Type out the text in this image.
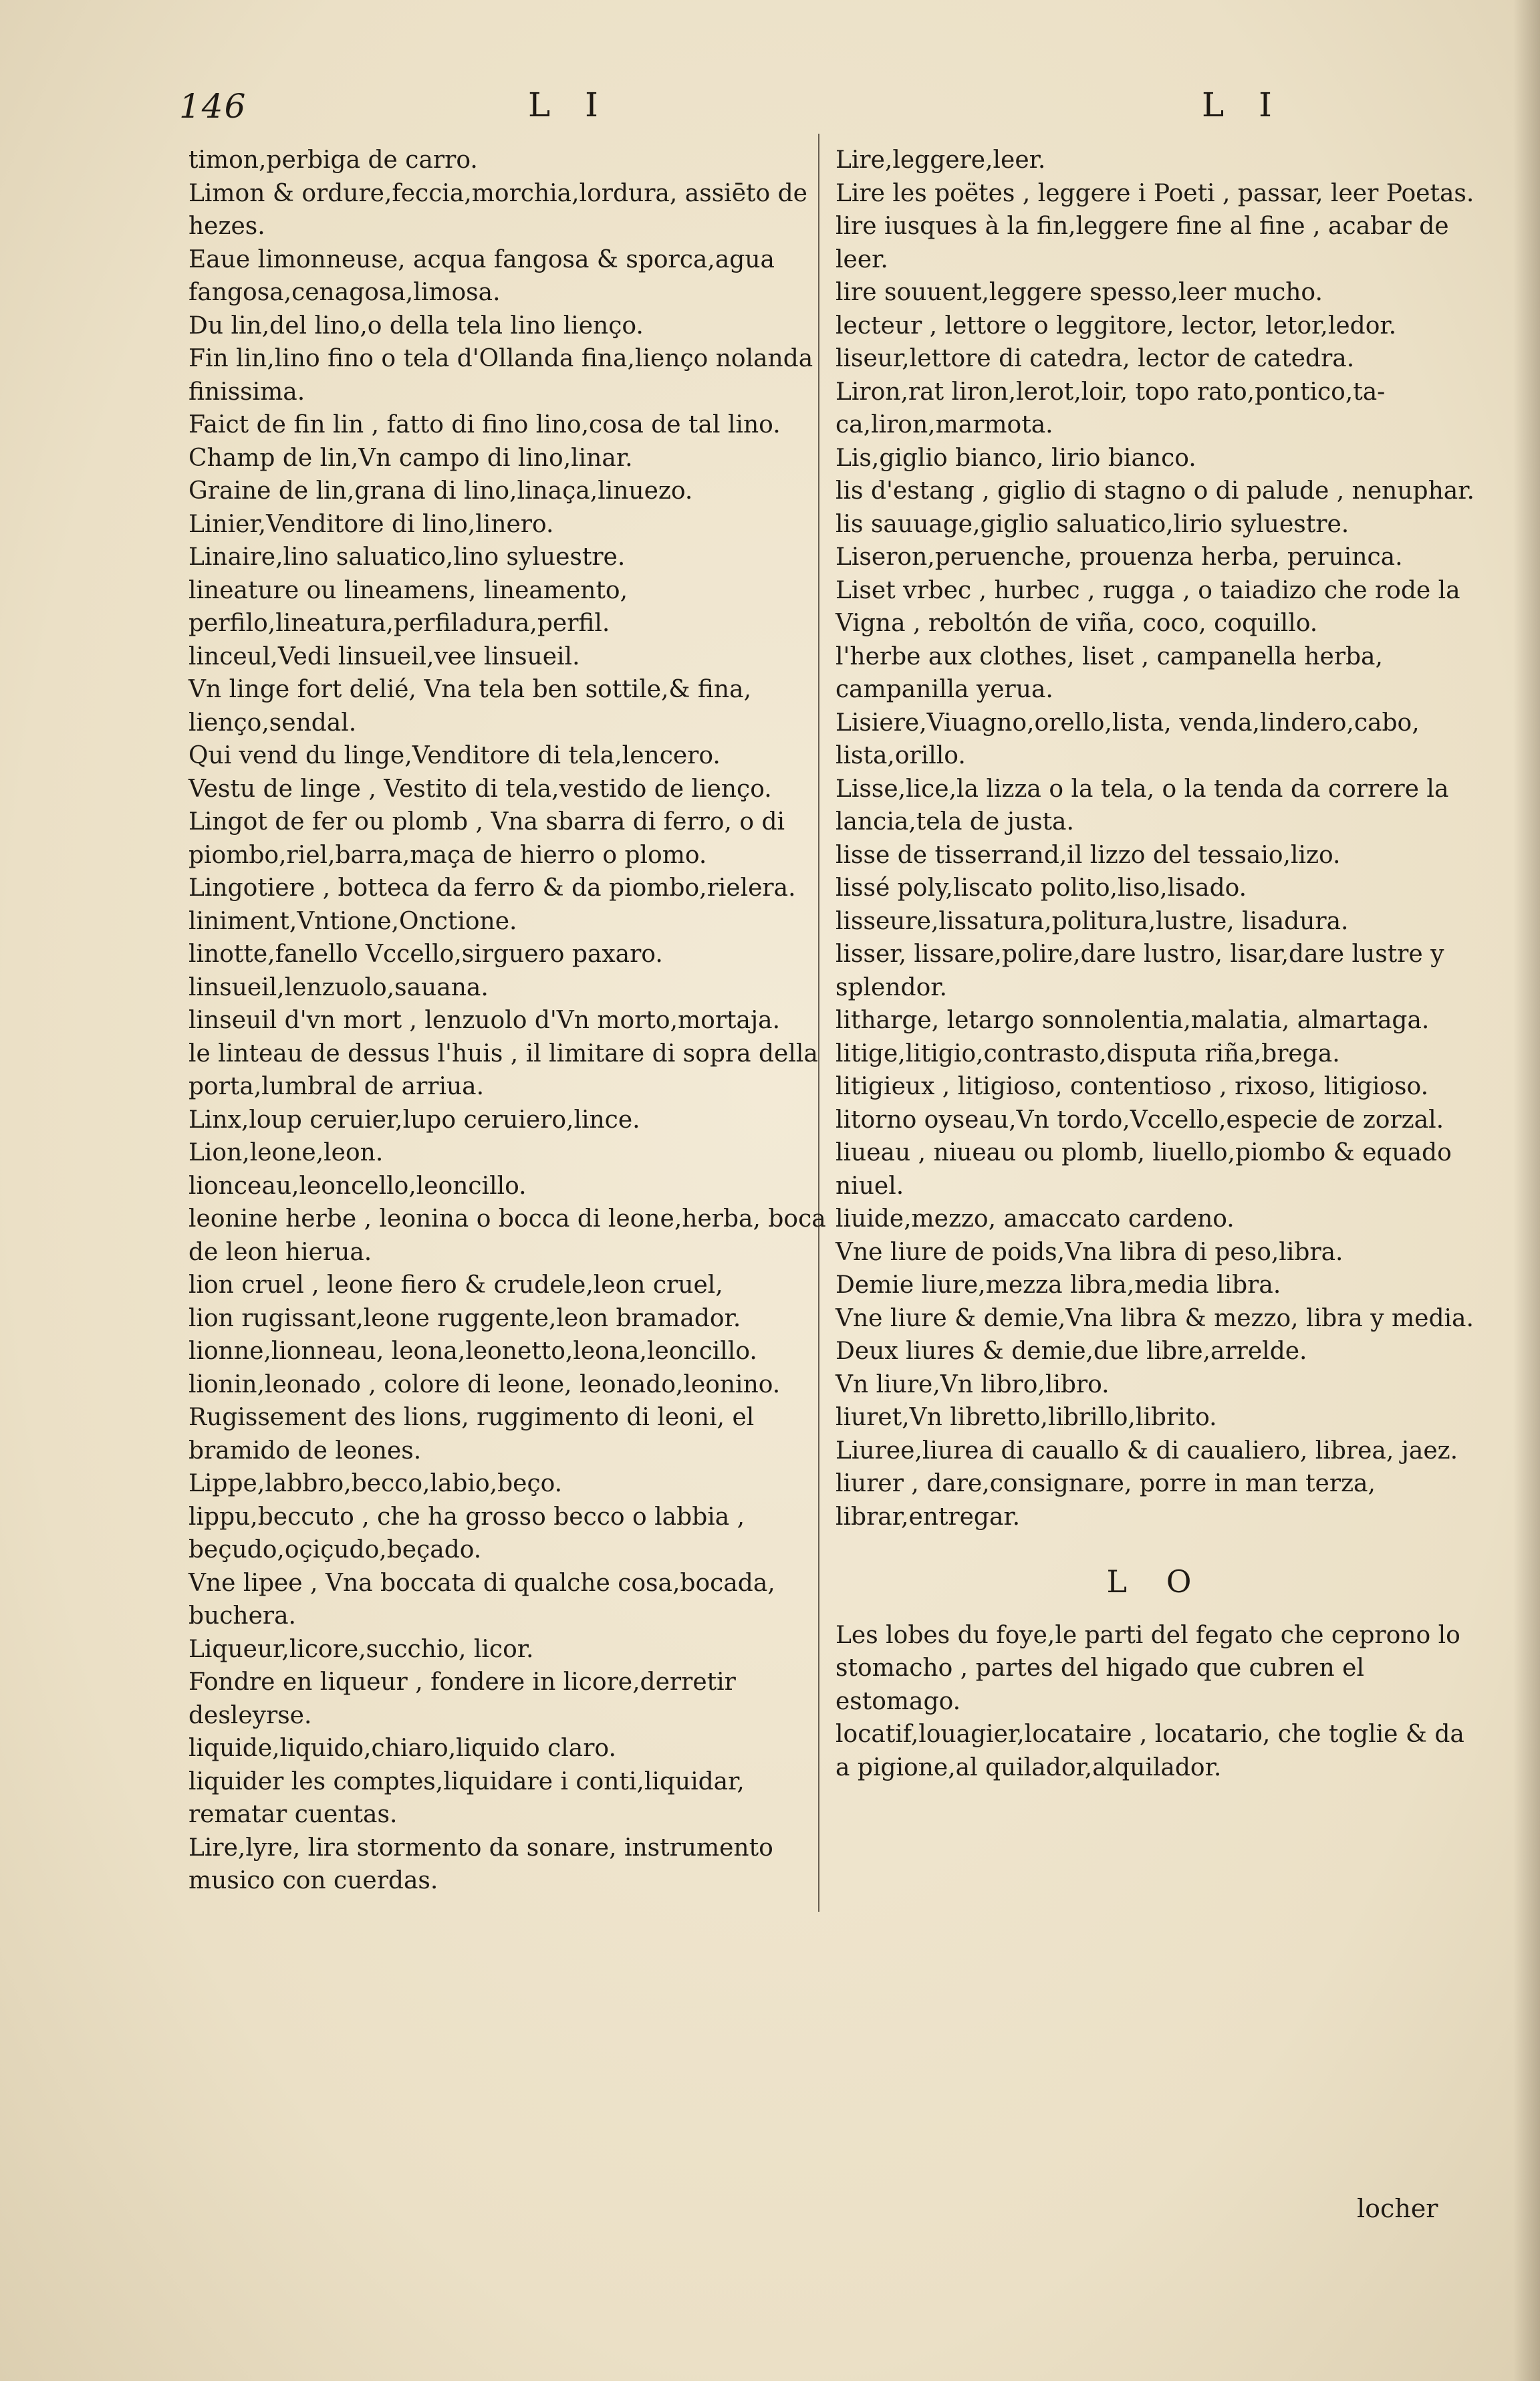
146	L I	L I

timon,perbiga de carro.

Limon & ordure,feccia,morchia,lordura, assiēto de hezes.

Eaue limonneuse, acqua fangosa & sporca,agua fangosa,cenagosa,limosa.

Du lin,del lino,o della tela lino lienço.

Fin lin,lino fino o tela d'Ollanda fina,lienço nolanda finissima.

Faict de fin lin , fatto di fino lino,cosa de tal lino.

Champ de lin,Vn campo di lino,linar.

Graine de lin,grana di lino,linaça,linuezo.

Linier,Venditore di lino,linero.

Linaire,lino saluatico,lino syluestre.

lineature ou lineamens, lineamento, perfilo,lineatura,perfiladura,perfil.

linceul,Vedi linsueil,vee linsueil.

Vn linge fort delié, Vna tela ben sottile,& fina, lienço,sendal.

Qui vend du linge,Venditore di tela,lencero.

Vestu de linge , Vestito di tela,vestido de lienço.

Lingot de fer ou plomb , Vna sbarra di ferro, o di piombo,riel,barra,maça de hierro o plomo.

Lingotiere , botteca da ferro & da piombo,rielera.

liniment,Vntione,Onctione.

linotte,fanello Vccello,sirguero paxaro.

linsueil,lenzuolo,sauana.

linseuil d'vn mort , lenzuolo d'Vn morto,mortaja.

le linteau de dessus l'huis , il limitare di sopra della porta,lumbral de arriua.

Linx,loup ceruier,lupo ceruiero,lince.

Lion,leone,leon.

lionceau,leoncello,leoncillo.

leonine herbe , leonina o bocca di leone,herba, boca de leon hierua.

lion cruel , leone fiero & crudele,leon cruel,

lion rugissant,leone ruggente,leon bramador.

lionne,lionneau, leona,leonetto,leona,leoncillo.

lionin,leonado , colore di leone, leonado,leonino.

Rugissement des lions, ruggimento di leoni, el bramido de leones.

Lippe,labbro,becco,labio,beço.

lippu,beccuto , che ha grosso becco o labbia , beçudo,oçiçudo,beçado.

Vne lipee , Vna boccata di qualche cosa,bocada, buchera.

Liqueur,licore,succhio, licor.

Fondre en liqueur , fondere in licore,derretir desleyrse.

liquide,liquido,chiaro,liquido claro.

liquider les comptes,liquidare i conti,liquidar, rematar cuentas.

Lire,lyre, lira stormento da sonare, instrumento musico con cuerdas.

Lire,leggere,leer.

Lire les poëtes , leggere i Poeti , passar, leer Poetas.

lire iusques à la fin,leggere fine al fine , acabar de leer.

lire souuent,leggere spesso,leer mucho.

lecteur , lettore o leggitore, lector, letor,ledor.

liseur,lettore di catedra, lector de catedra.

Liron,rat liron,lerot,loir, topo rato,pontico,ta-ca,liron,marmota.

Lis,giglio bianco, lirio bianco.

lis d'estang , giglio di stagno o di palude , nenuphar.

lis sauuage,giglio saluatico,lirio syluestre.

Liseron,peruenche, prouenza herba, peruinca.

Liset vrbec , hurbec , rugga , o taiadizo che rode la Vigna , reboltón de viña, coco, coquillo.

l'herbe aux clothes, liset , campanella herba, campanilla yerua.

Lisiere,Viuagno,orello,lista, venda,lindero,cabo, lista,orillo.

Lisse,lice,la lizza o la tela, o la tenda da correre la lancia,tela de justa.

lisse de tisserrand,il lizzo del tessaio,lizo.

lissé poly,liscato polito,liso,lisado.

lisseure,lissatura,politura,lustre, lisadura.

lisser, lissare,polire,dare lustro, lisar,dare lustre y splendor.

litharge, letargo sonnolentia,malatia, almartaga.

litige,litigio,contrasto,disputa riña,brega.

litigieux , litigioso, contentioso , rixoso, litigioso.

litorno oyseau,Vn tordo,Vccello,especie de zorzal.

liueau , niueau ou plomb, liuello,piombo & equado niuel.

liuide,mezzo, amaccato cardeno.

Vne liure de poids,Vna libra di peso,libra.

Demie liure,mezza libra,media libra.

Vne liure & demie,Vna libra & mezzo, libra y media.

Deux liures & demie,due libre,arrelde.

Vn liure,Vn libro,libro.

liuret,Vn libretto,librillo,librito.

Liuree,liurea di cauallo & di caualiero, librea, jaez.

liurer , dare,consignare, porre in man terza, librar,entregar.

L O

Les lobes du foye,le parti del fegato che ceprono lo stomacho , partes del higado que cubren el estomago.

locatif,louagier,locataire , locatario, che toglie & da a pigione,al quilador,alquilador.

locher
